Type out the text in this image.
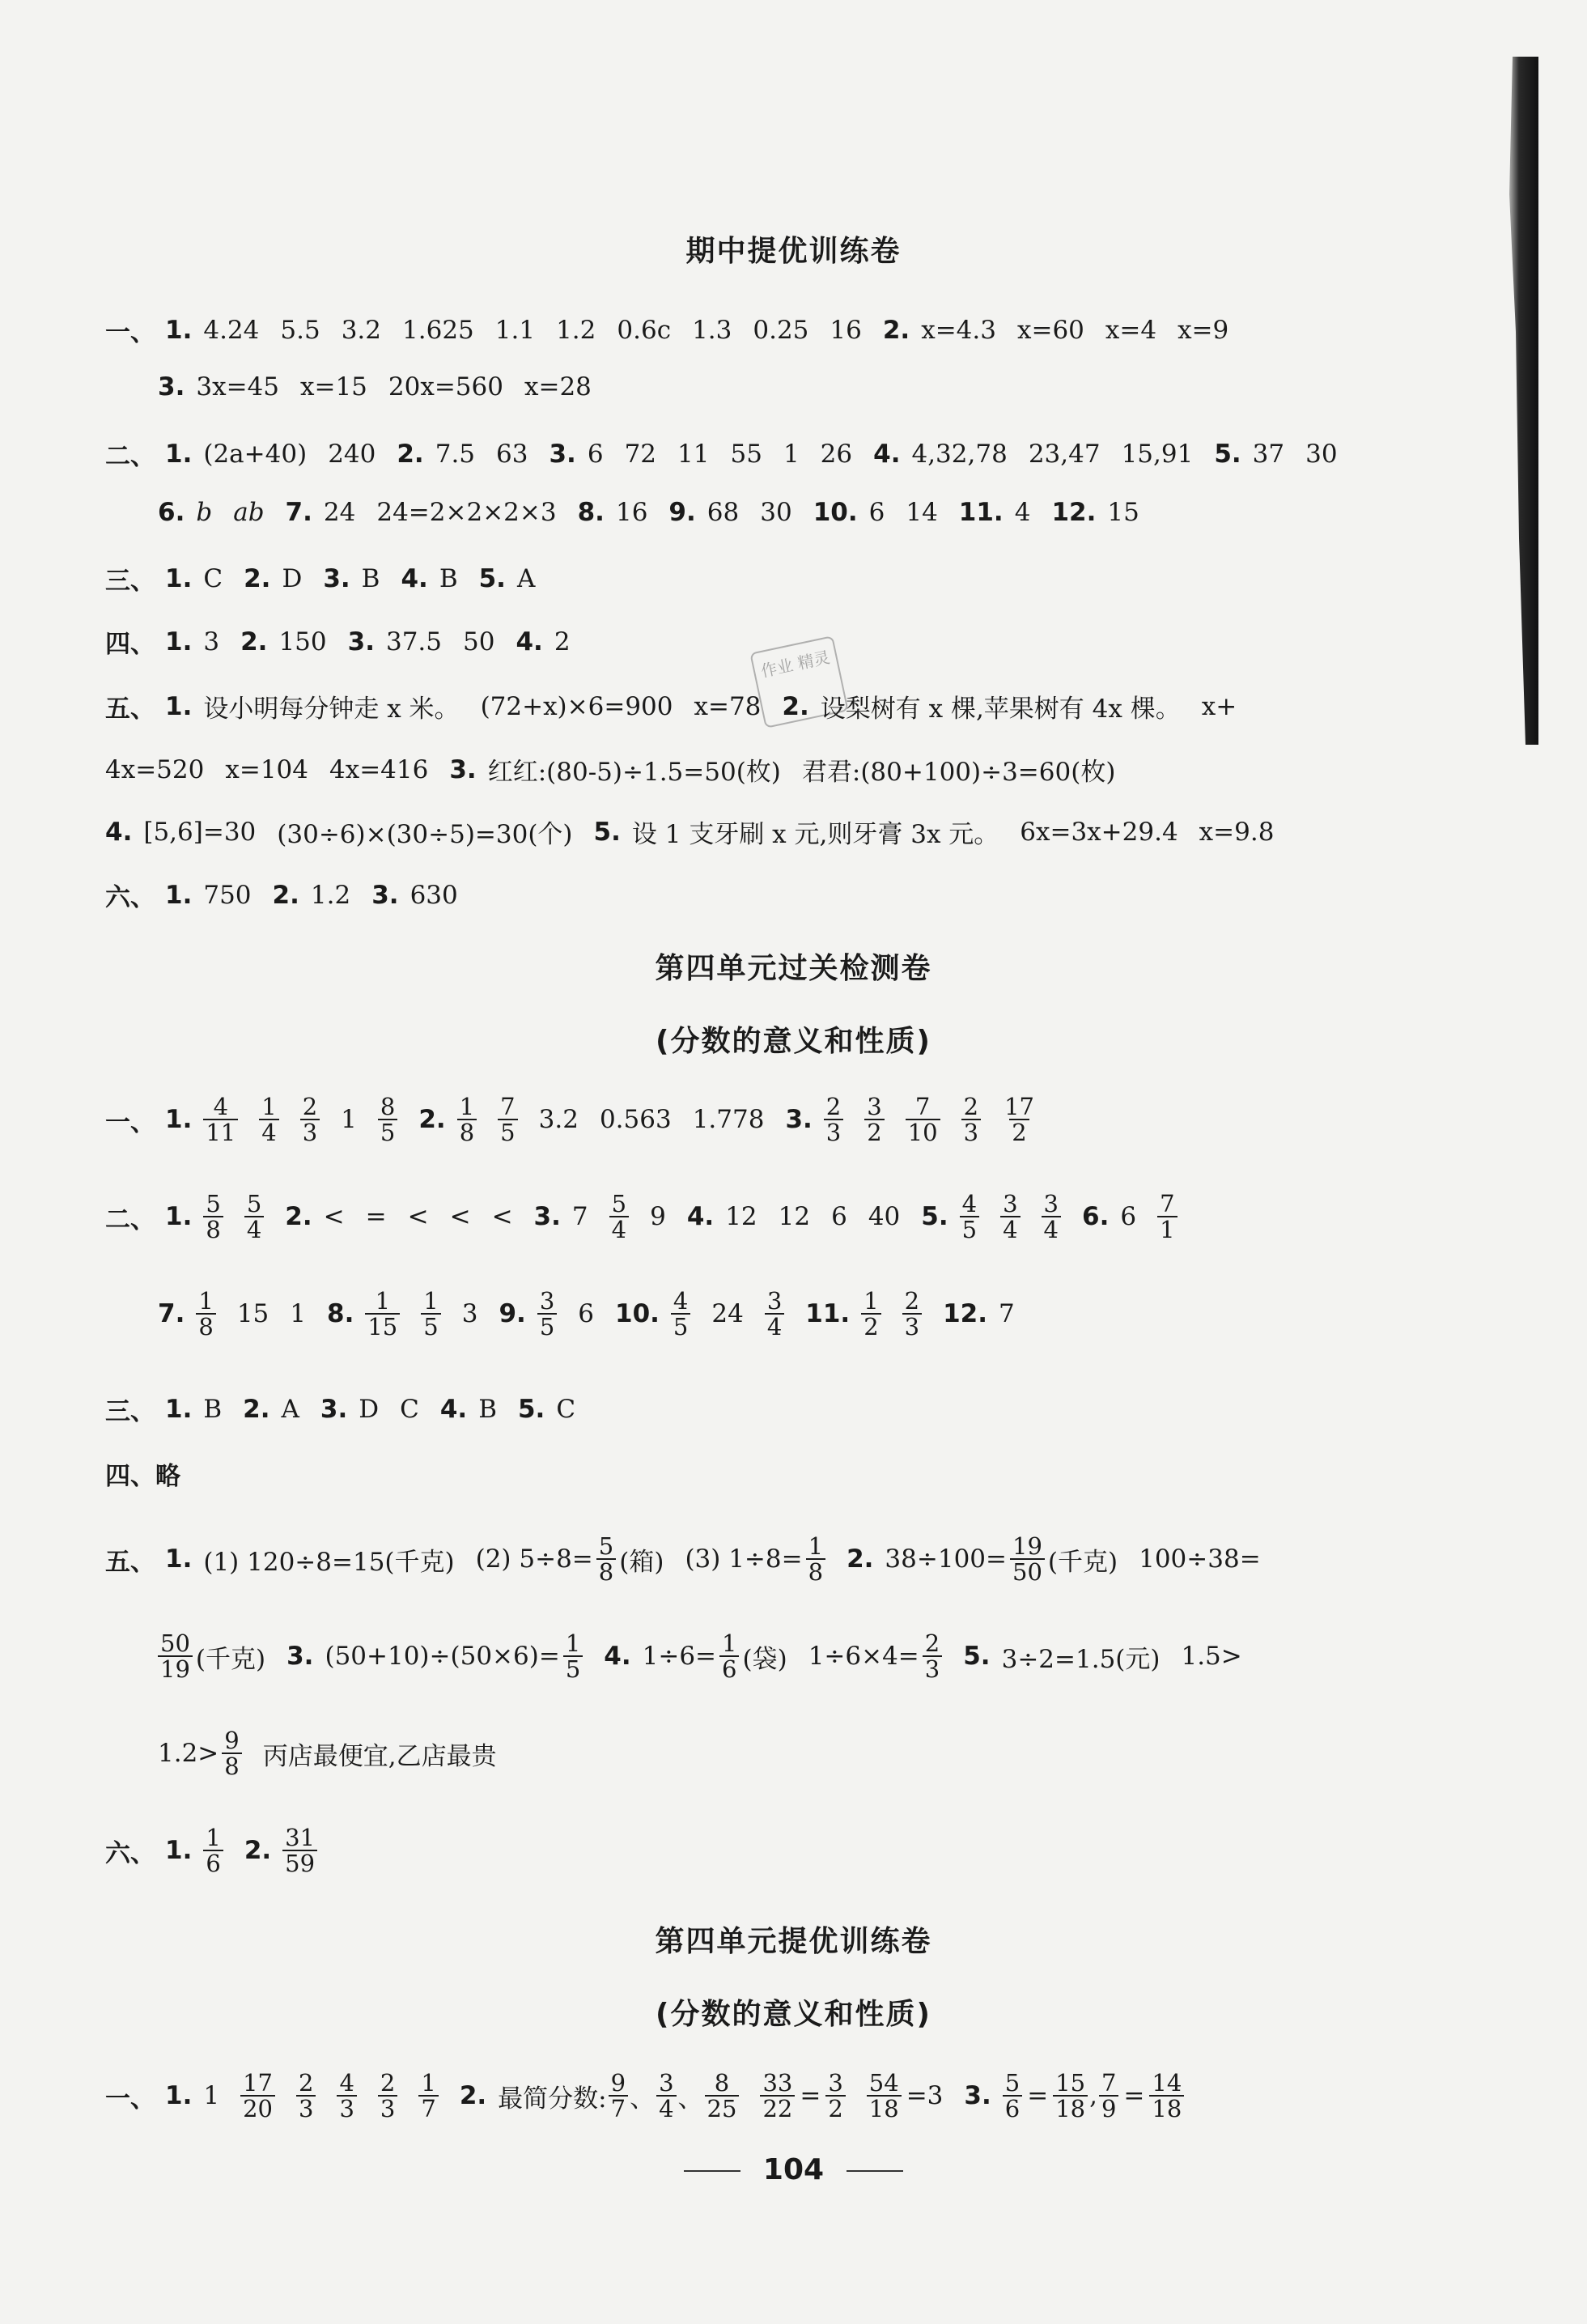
期中提优训练卷
一、 1. 4.24 5.5 3.2 1.625 1.1 1.2 0.6c 1.3 0.25 16 2. x=4.3 x=60 x=4 x=9
3. 3x=45 x=15 20x=560 x=28
二、 1. (2a+40) 240 2. 7.5 63 3. 6 72 11 55 1 26 4. 4,32,78 23,47 15,91 5. 37 30
6. b ab 7. 24 24=2×2×2×3 8. 16 9. 68 30 10. 6 14 11. 4 12. 15
三、 1. C 2. D 3. B 4. B 5. A
四、 1. 3 2. 150 3. 37.5 50 4. 2
作业 精灵
五、 1. 设小明每分钟走 x 米。 (72+x)×6=900 x=78 2. 设梨树有 x 棵,苹果树有 4x 棵。 x+
4x=520 x=104 4x=416 3. 红红:(80-5)÷1.5=50(枚) 君君:(80+100)÷3=60(枚)
4. [5,6]=30 (30÷6)×(30÷5)=30(个) 5. 设 1 支牙刷 x 元,则牙膏 3x 元。 6x=3x+29.4 x=9.8
六、 1. 750 2. 1.2 3. 630
第四单元过关检测卷
(分数的意义和性质)
一、 1. $\frac{4}{11} \frac{1}{4} \frac{2}{3} 1 \frac{8}{5} 2$. $\frac{1}{8} \frac{7}{5} 3.2$ 0.563 1.778 3. $\frac{2}{3} \frac{3}{2} \frac{7}{10} \frac{2}{3} \frac{17}{2}$
二、 1. $\frac{5}{8} \frac{5}{4} 2$. < = < < < 3. $7 \frac{5}{4} 9$ 4. 12 12 6 40 5. $\frac{4}{5} \frac{3}{4} \frac{3}{4} 6$. $6 \frac{7}{1}$
7. $\frac{1}{8} 15$ 1 8. $\frac{1}{15} \frac{1}{5} 3$ 9. $\frac{3}{5} 6$ 10. $\frac{4}{5} 24 \frac{3}{4} 11$. $\frac{1}{2} \frac{2}{3} 12$. 7
三、 1. B 2. A 3. D C 4. B 5. C
四、略
五、 1. (1) 120÷8=15(千克) (2) $5\div 8= \frac{5}{8}$ (箱) (3) $1\div 8= \frac{1}{8} 2$. $38\div 100= \frac{19}{50}$ (千克) 100÷38=
$\frac{50}{19}$ (千克) 3. $(50+10)\div(50\times 6)= \frac{1}{5} 4$. $1\div 6= \frac{1}{6}$ (袋) $1\div 6\times 4= \frac{2}{3} 5$. 3÷2=1.5(元) 1.5>
$1.2> \frac{9}{8}$ 丙店最便宜,乙店最贵
六、 1. $\frac{1}{6} 2$. $\frac{31}{59}$
第四单元提优训练卷
(分数的意义和性质)
一、 1. $1 \frac{17}{20} \frac{2}{3} \frac{4}{3} \frac{2}{3} \frac{1}{7} 2$. 最简分数: $\frac{9}{7}$ 、 $\frac{3}{4}$ 、 $\frac{8}{25} \frac{33}{22} = \frac{3}{2} \frac{54}{18} =3$ 3. $\frac{5}{6} = \frac{15}{18}$ , $\frac{7}{9} = \frac{14}{18}$
104
